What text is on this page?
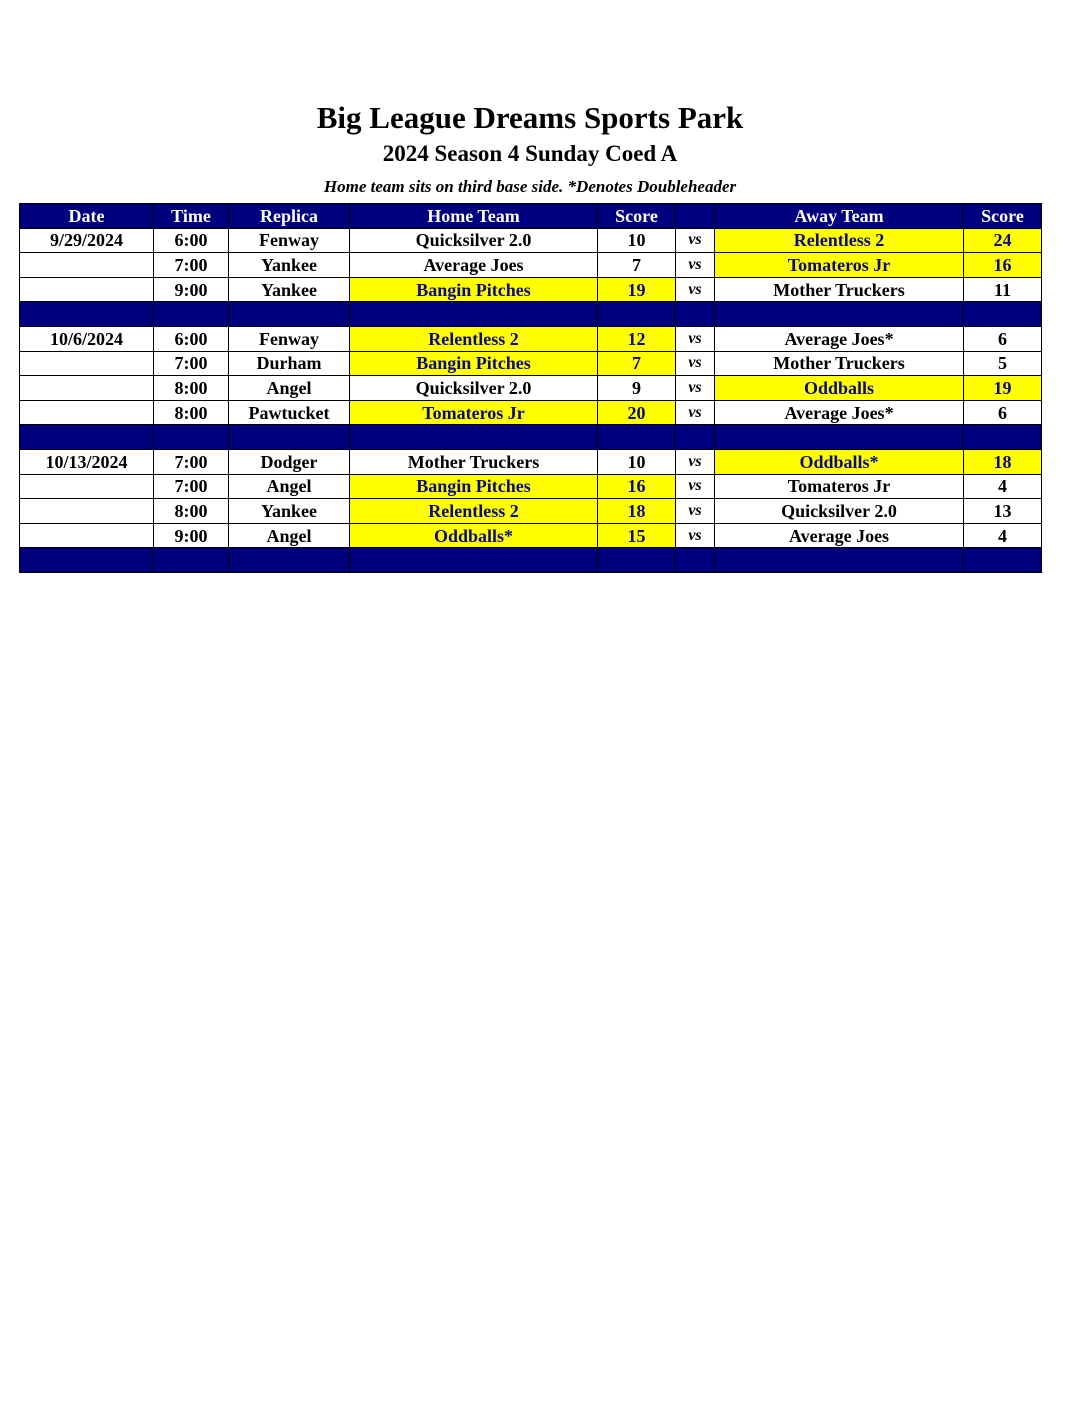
Big League Dreams Sports Park
2024 Season 4 Sunday Coed A
Home team sits on third base side. *Denotes Doubleheader
Date	Time	Replica	Home Team	Score		Away Team	Score
9/29/2024	6:00	Fenway	Quicksilver 2.0	10	vs	Relentless 2	24
	7:00	Yankee	Average Joes	7	vs	Tomateros Jr	16
	9:00	Yankee	Bangin Pitches	19	vs	Mother Truckers	11

10/6/2024	6:00	Fenway	Relentless 2	12	vs	Average Joes*	6
	7:00	Durham	Bangin Pitches	7	vs	Mother Truckers	5
	8:00	Angel	Quicksilver 2.0	9	vs	Oddballs	19
	8:00	Pawtucket	Tomateros Jr	20	vs	Average Joes*	6

10/13/2024	7:00	Dodger	Mother Truckers	10	vs	Oddballs*	18
	7:00	Angel	Bangin Pitches	16	vs	Tomateros Jr	4
	8:00	Yankee	Relentless 2	18	vs	Quicksilver 2.0	13
	9:00	Angel	Oddballs*	15	vs	Average Joes	4
